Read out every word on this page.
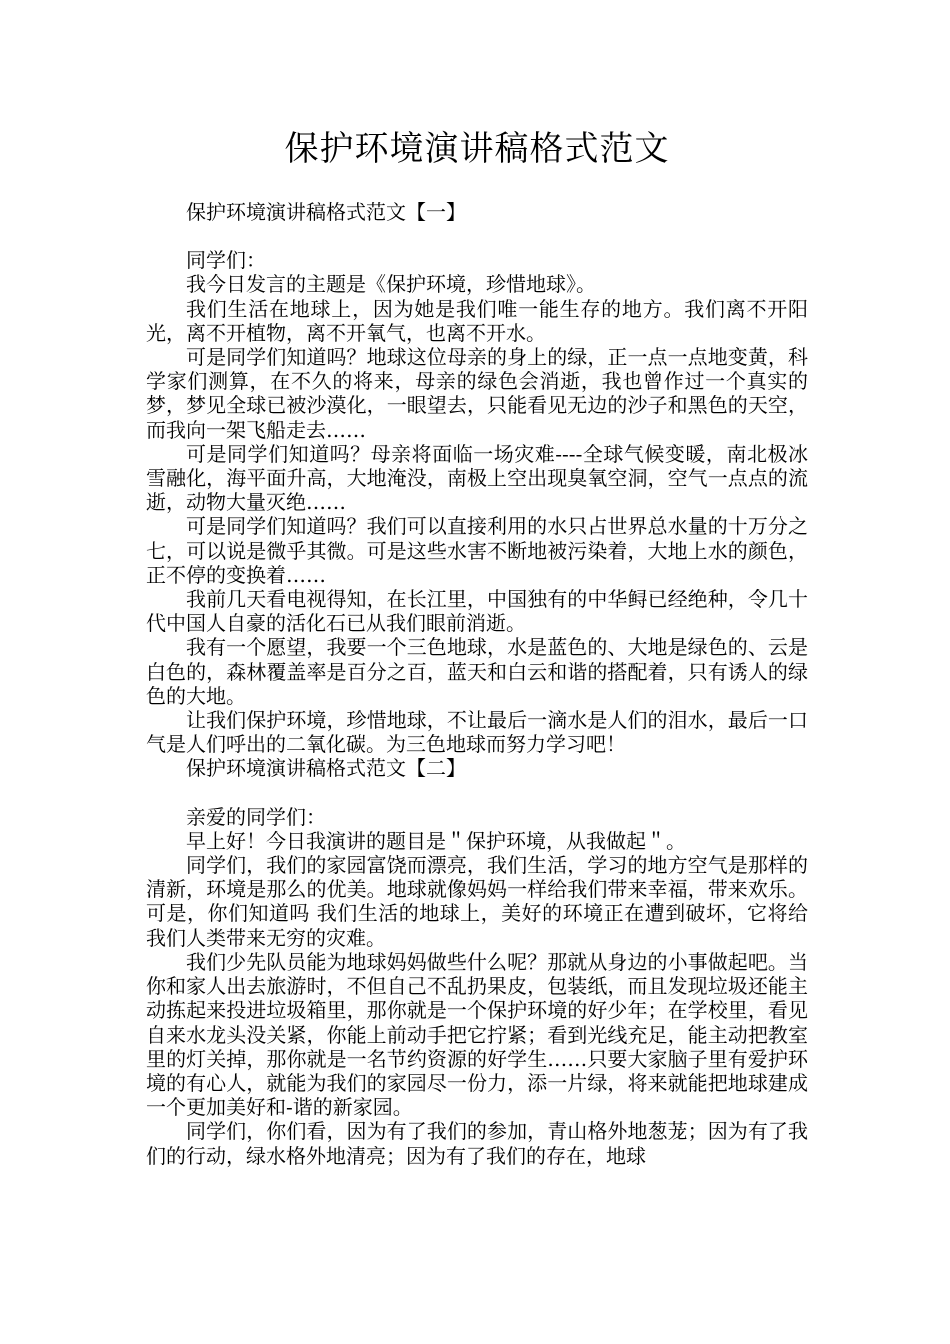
保护环境演讲稿格式范文
保护环境演讲稿格式范文【一】

同学们：

我今日发言的主题是《保护环境，珍惜地球》。

我们生活在地球上，因为她是我们唯一能生存的地方。我们离不开阳光，离不开植物，离不开氧气，也离不开水。

可是同学们知道吗？地球这位母亲的身上的绿，正一点一点地变黄，科学家们测算，在不久的将来，母亲的绿色会消逝，我也曾作过一个真实的梦，梦见全球已被沙漠化，一眼望去，只能看见无边的沙子和黑色的天空，而我向一架飞船走去……

可是同学们知道吗？母亲将面临一场灾难----全球气候变暖，南北极冰雪融化，海平面升高，大地淹没，南极上空出现臭氧空洞，空气一点点的流逝，动物大量灭绝……

可是同学们知道吗？我们可以直接利用的水只占世界总水量的十万分之七，可以说是微乎其微。可是这些水害不断地被污染着，大地上水的颜色，正不停的变换着……

我前几天看电视得知，在长江里，中国独有的中华鲟已经绝种，令几十代中国人自豪的活化石已从我们眼前消逝。

我有一个愿望，我要一个三色地球，水是蓝色的、大地是绿色的、云是白色的，森林覆盖率是百分之百，蓝天和白云和谐的搭配着，只有诱人的绿色的大地。

让我们保护环境，珍惜地球，不让最后一滴水是人们的泪水，最后一口气是人们呼出的二氧化碳。为三色地球而努力学习吧！

保护环境演讲稿格式范文【二】

亲爱的同学们：

早上好！今日我演讲的题目是＂保护环境，从我做起＂。

同学们，我们的家园富饶而漂亮，我们生活，学习的地方空气是那样的清新，环境是那么的优美。地球就像妈妈一样给我们带来幸福，带来欢乐。可是，你们知道吗 我们生活的地球上，美好的环境正在遭到破坏，它将给我们人类带来无穷的灾难。

我们少先队员能为地球妈妈做些什么呢？那就从身边的小事做起吧。当你和家人出去旅游时，不但自己不乱扔果皮，包装纸，而且发现垃圾还能主动拣起来投进垃圾箱里，那你就是一个保护环境的好少年；在学校里，看见自来水龙头没关紧，你能上前动手把它拧紧；看到光线充足，能主动把教室里的灯关掉，那你就是一名节约资源的好学生……只要大家脑子里有爱护环境的有心人，就能为我们的家园尽一份力，添一片绿，将来就能把地球建成一个更加美好和-谐的新家园。

同学们，你们看，因为有了我们的参加，青山格外地葱茏；因为有了我们的行动，绿水格外地清亮；因为有了我们的存在，地球
